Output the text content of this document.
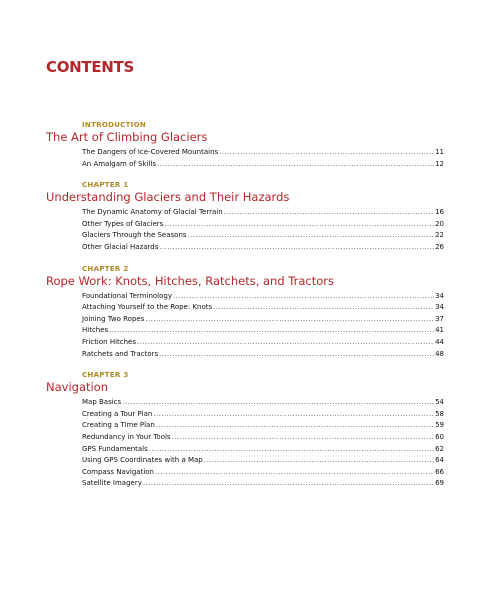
CONTENTS
INTRODUCTION
The Art of Climbing Glaciers
The Dangers of Ice-Covered Mountains .....	11
An Amalgam of Skills .....	12
CHAPTER 1
Understanding Glaciers and Their Hazards
The Dynamic Anatomy of Glacial Terrain .....	16
Other Types of Glaciers .....	20
Glaciers Through the Seasons .....	22
Other Glacial Hazards .....	26
CHAPTER 2
Rope Work: Knots, Hitches, Ratchets, and Tractors
Foundational Terminology .....	34
Attaching Yourself to the Rope: Knots .....	34
Joining Two Ropes .....	37
Hitches .....	41
Friction Hitches .....	44
Ratchets and Tractors .....	48
CHAPTER 3
Navigation
Map Basics .....	54
Creating a Tour Plan .....	58
Creating a Time Plan .....	59
Redundancy in Your Tools .....	60
GPS Fundamentals .....	62
Using GPS Coordinates with a Map .....	64
Compass Navigation .....	66
Satellite Imagery .....	69
